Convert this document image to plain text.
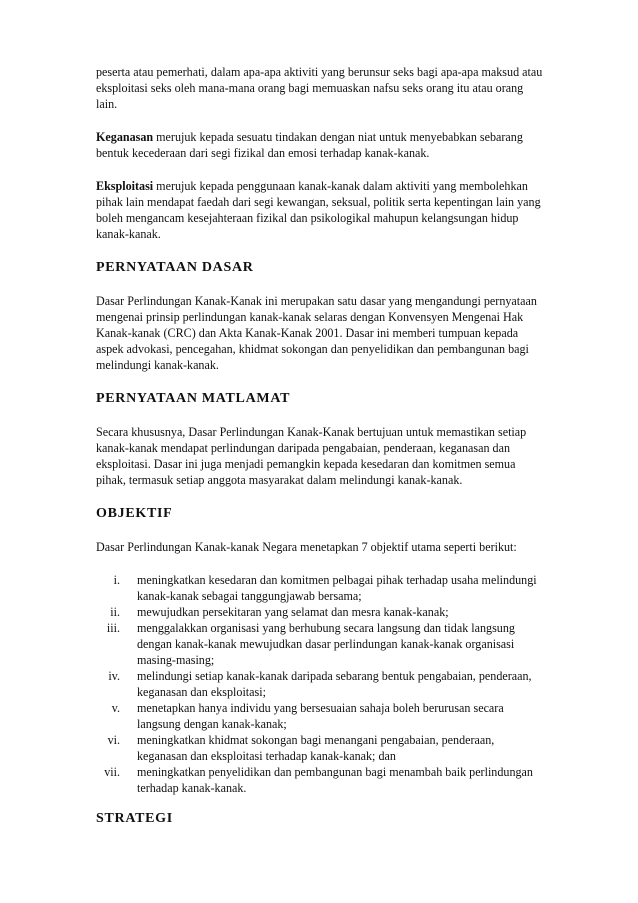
peserta atau pemerhati, dalam apa-apa aktiviti yang berunsur seks bagi apa-apa maksud atau eksploitasi seks oleh mana-mana orang bagi memuaskan nafsu seks orang itu atau orang lain.

Keganasan merujuk kepada sesuatu tindakan dengan niat untuk menyebabkan sebarang bentuk kecederaan dari segi fizikal dan emosi terhadap kanak-kanak.

Eksploitasi merujuk kepada penggunaan kanak-kanak dalam aktiviti yang membolehkan pihak lain mendapat faedah dari segi kewangan, seksual, politik serta kepentingan lain yang boleh mengancam kesejahteraan fizikal dan psikologikal mahupun kelangsungan hidup kanak-kanak.

PERNYATAAN DASAR

Dasar Perlindungan Kanak-Kanak ini merupakan satu dasar yang mengandungi pernyataan mengenai prinsip perlindungan kanak-kanak selaras dengan Konvensyen Mengenai Hak Kanak-kanak (CRC) dan Akta Kanak-Kanak 2001. Dasar ini memberi tumpuan kepada aspek advokasi, pencegahan, khidmat sokongan dan penyelidikan dan pembangunan bagi melindungi kanak-kanak.

PERNYATAAN MATLAMAT

Secara khususnya, Dasar Perlindungan Kanak-Kanak bertujuan untuk memastikan setiap kanak-kanak mendapat perlindungan daripada pengabaian, penderaan, keganasan dan eksploitasi. Dasar ini juga menjadi pemangkin kepada kesedaran dan komitmen semua pihak, termasuk setiap anggota masyarakat dalam melindungi kanak-kanak.

OBJEKTIF

Dasar Perlindungan Kanak-kanak Negara menetapkan 7 objektif utama seperti berikut:

i. meningkatkan kesedaran dan komitmen pelbagai pihak terhadap usaha melindungi kanak-kanak sebagai tanggungjawab bersama;
ii. mewujudkan persekitaran yang selamat dan mesra kanak-kanak;
iii. menggalakkan organisasi yang berhubung secara langsung dan tidak langsung dengan kanak-kanak mewujudkan dasar perlindungan kanak-kanak organisasi masing-masing;
iv. melindungi setiap kanak-kanak daripada sebarang bentuk pengabaian, penderaan, keganasan dan eksploitasi;
v. menetapkan hanya individu yang bersesuaian sahaja boleh berurusan secara langsung dengan kanak-kanak;
vi. meningkatkan khidmat sokongan bagi menangani pengabaian, penderaan, keganasan dan eksploitasi terhadap kanak-kanak; dan
vii. meningkatkan penyelidikan dan pembangunan bagi menambah baik perlindungan terhadap kanak-kanak.
STRATEGI
